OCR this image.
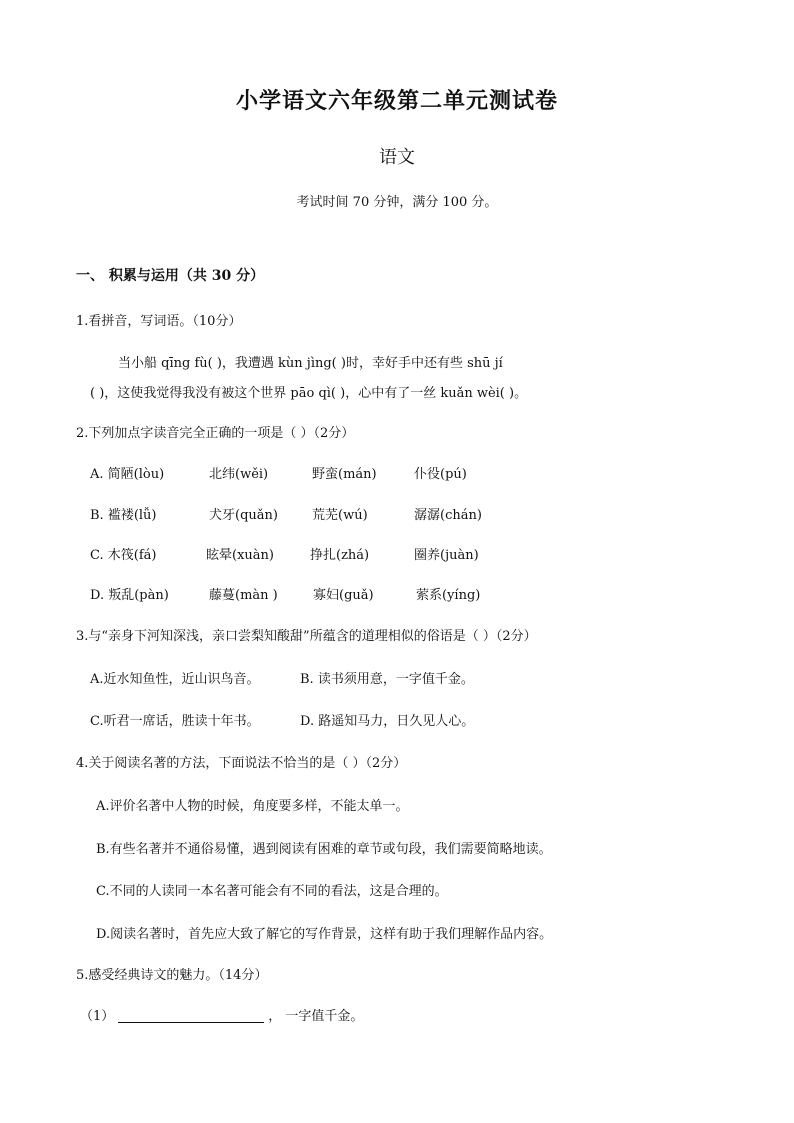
小学语文六年级第二单元测试卷
语文
考试时间 70 分钟，满分 100 分。
一、 积累与运用（共 30 分）
1.看拼音，写词语。（10分）
当小船 qīng fù( )，我遭遇 kùn jìng( )时，幸好手中还有些 shū jí
( )，这使我觉得我没有被这个世界 pāo qì( )，心中有了一丝 kuǎn wèi( )。
2.下列加点字读音完全正确的一项是（ ）（2分）
A. 简陋(lòu)	北纬(wěi)	野蛮(mán)	仆役(pú)
B. 褴褛(lǚ)	犬牙(quǎn)	荒芜(wú)	潺潺(chán)
C. 木筏(fá)	眩晕(xuàn)	挣扎(zhá)	圈养(juàn)
D. 叛乱(pàn)	藤蔓(màn )	寡妇(guǎ)	萦系(yíng)
3.与“亲身下河知深浅，亲口尝梨知酸甜”所蕴含的道理相似的俗语是（ ）（2分）
A.近水知鱼性，近山识鸟音。	B. 读书须用意，一字值千金。
C.听君一席话，胜读十年书。	D. 路遥知马力，日久见人心。
4.关于阅读名著的方法，下面说法不恰当的是（ ）（2分）
A.评价名著中人物的时候，角度要多样，不能太单一。
B.有些名著并不通俗易懂，遇到阅读有困难的章节或句段，我们需要简略地读。
C.不同的人读同一本名著可能会有不同的看法，这是合理的。
D.阅读名著时，首先应大致了解它的写作背景，这样有助于我们理解作品内容。
5.感受经典诗文的魅力。（14分）
（1）	， 一字值千金。
